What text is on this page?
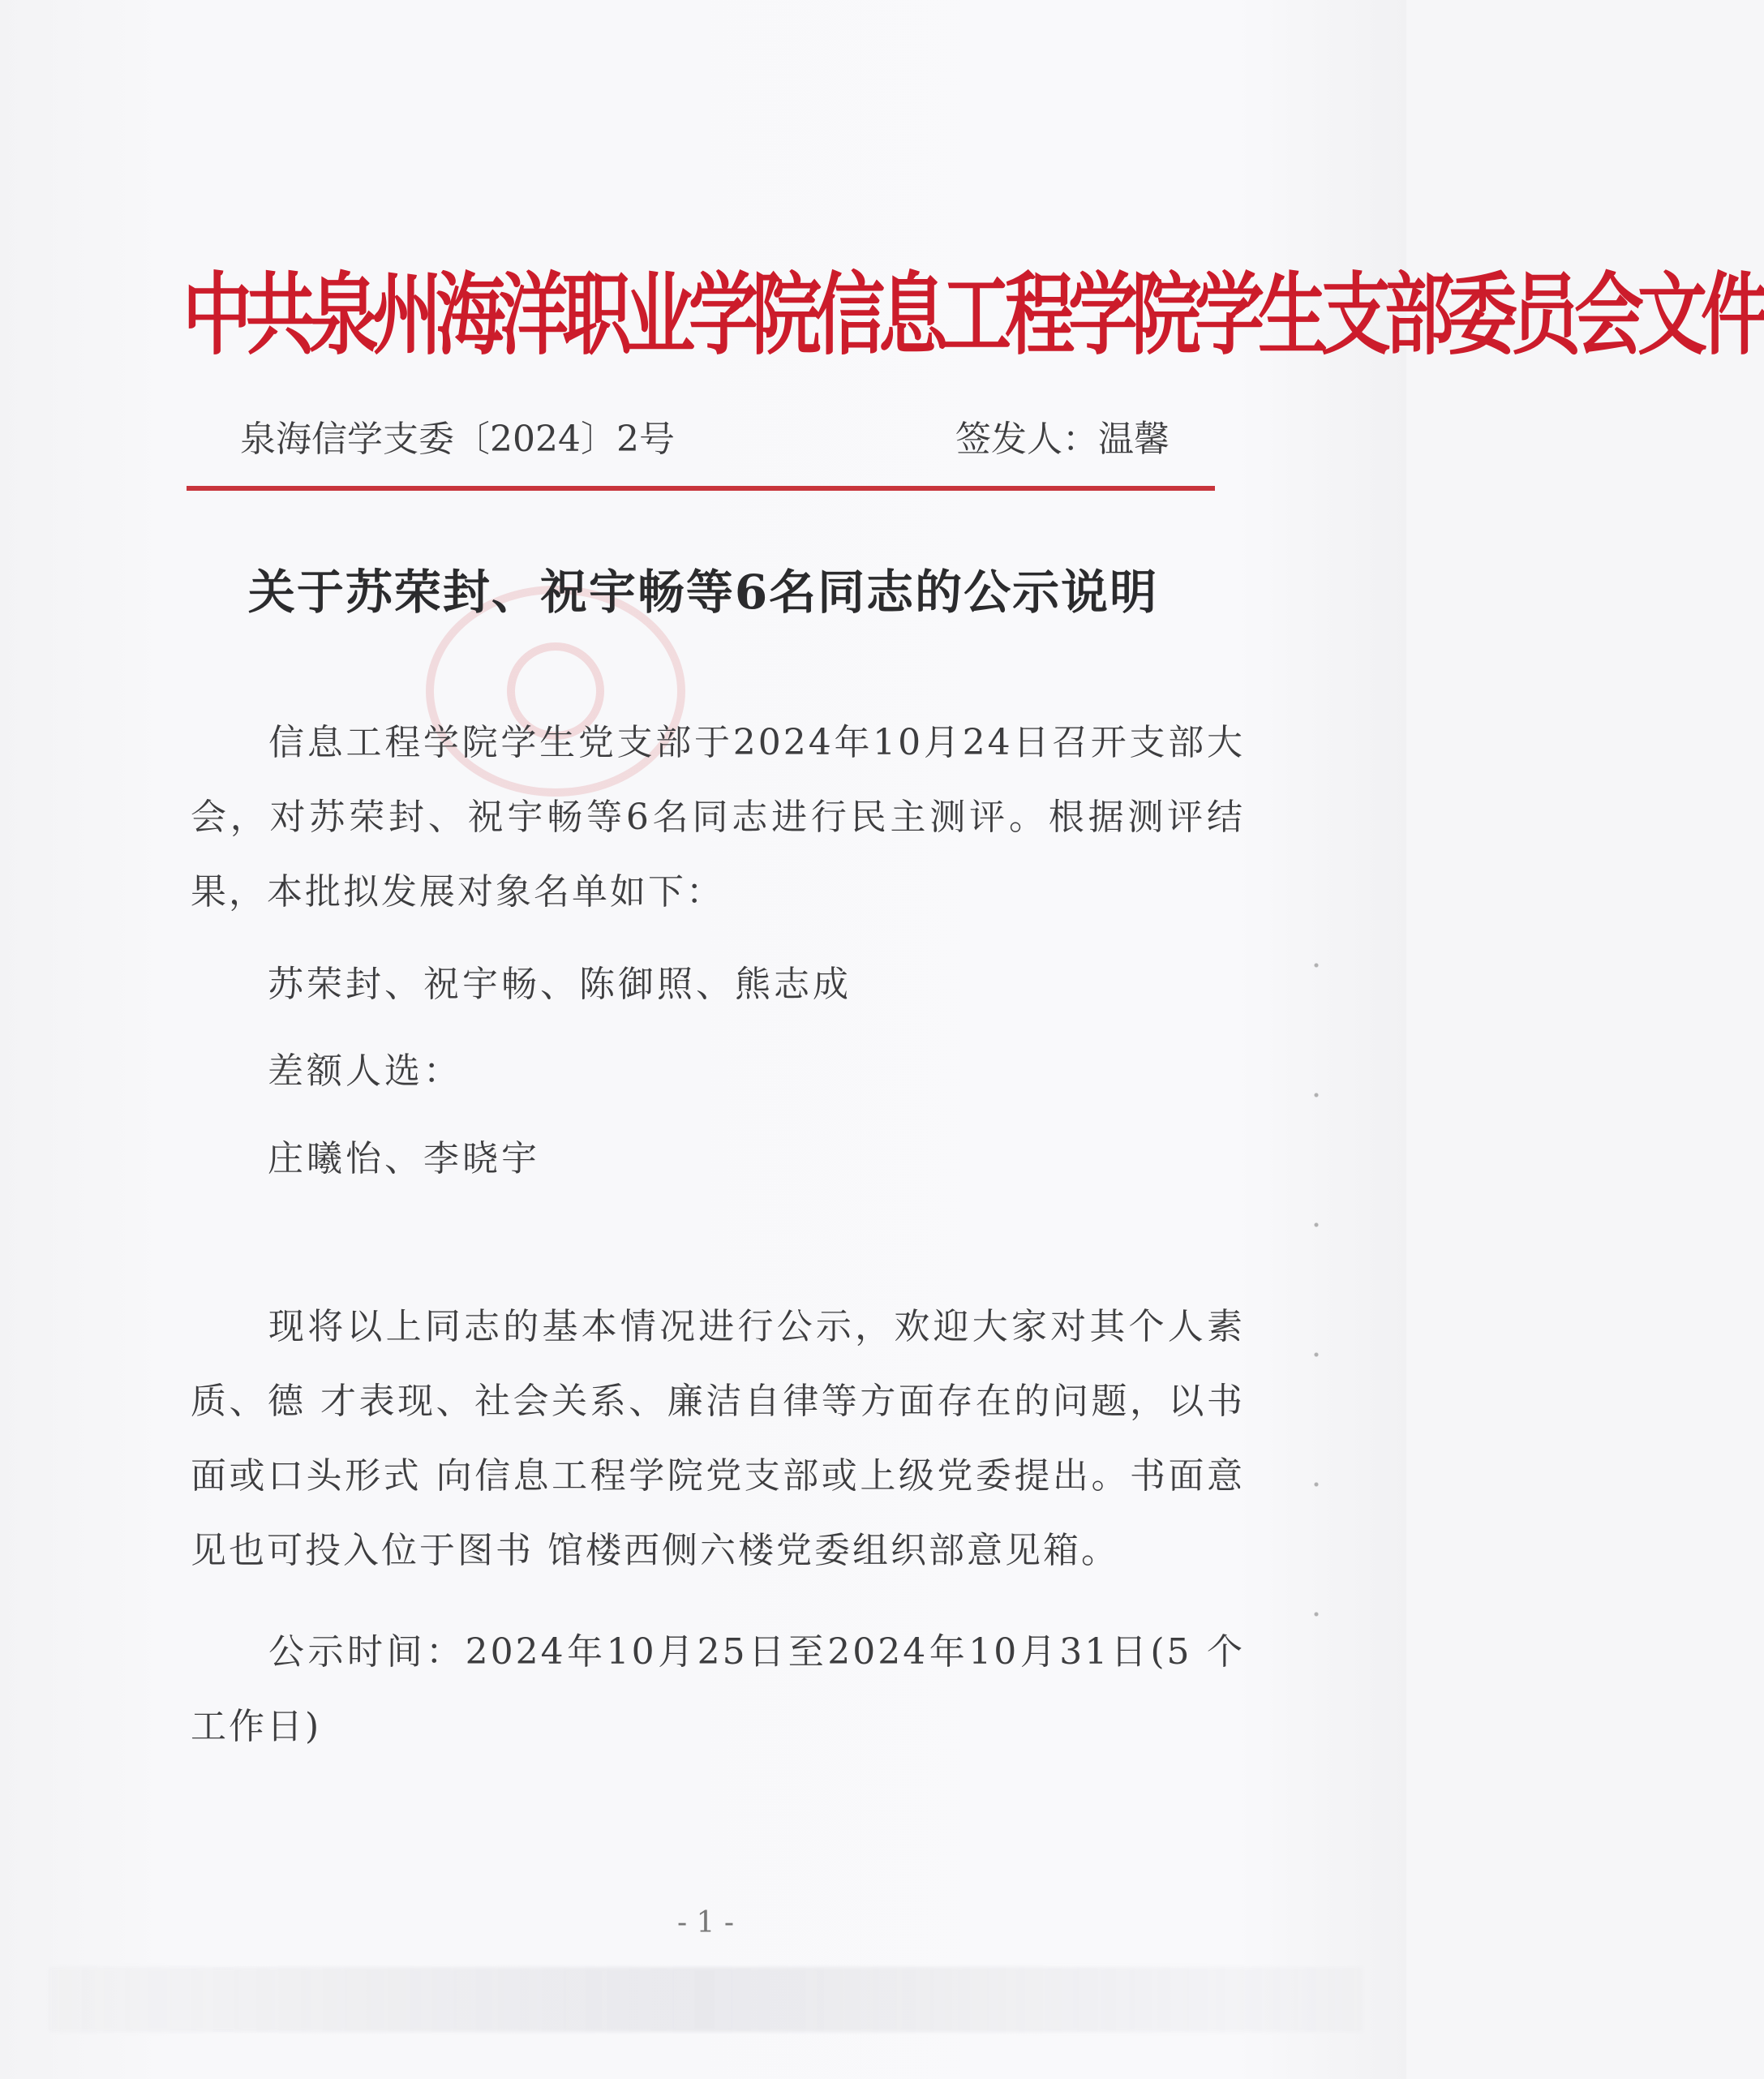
中共泉州海洋职业学院信息工程学院学生支部委员会文件
泉海信学支委〔2024〕2号	签发人：温馨
关于苏荣封、祝宇畅等6名同志的公示说明
信息工程学院学生党支部于2024年10月24日召开支部大会，对苏荣封、祝宇畅等6名同志进行民主测评。根据测评结果，本批拟发展对象名单如下：
苏荣封、祝宇畅、陈御照、熊志成
差额人选：
庄曦怡、李晓宇
现将以上同志的基本情况进行公示，欢迎大家对其个人素质、德 才表现、社会关系、廉洁自律等方面存在的问题，以书面或口头形式 向信息工程学院党支部或上级党委提出。书面意见也可投入位于图书 馆楼西侧六楼党委组织部意见箱。
公示时间：2024年10月25日至2024年10月31日(5 个工作日)
- 1 -
